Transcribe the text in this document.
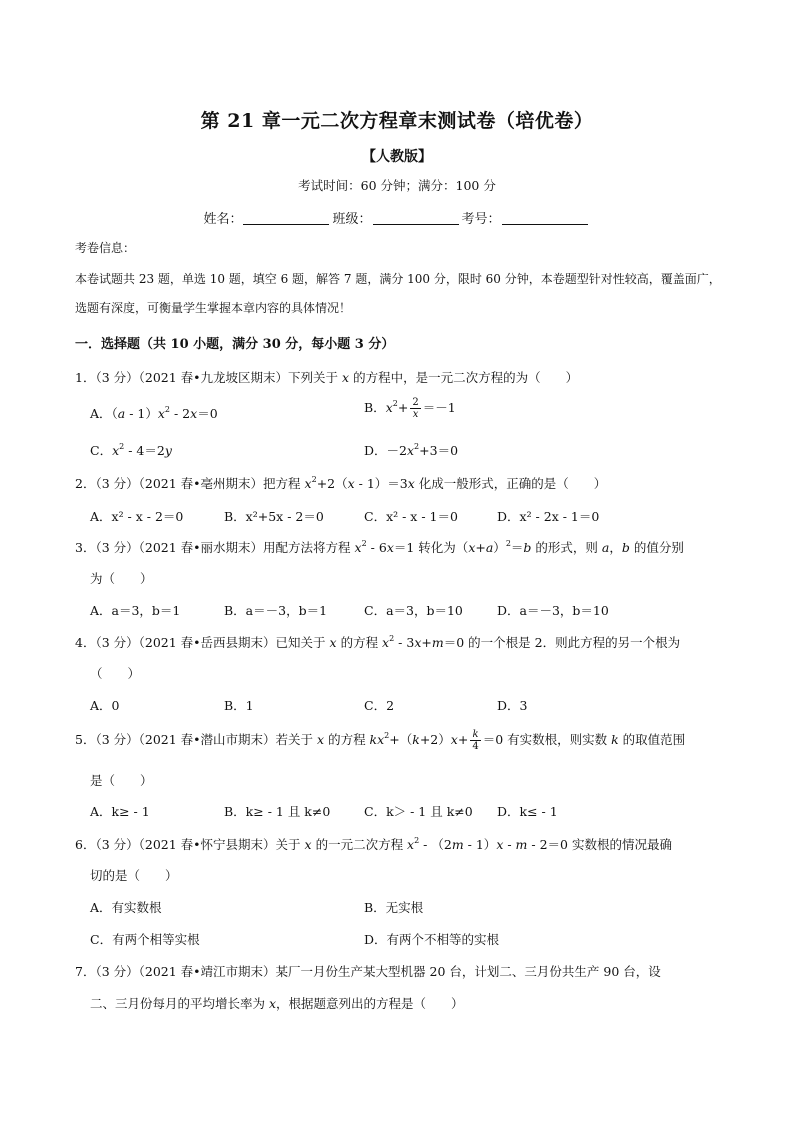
第 21 章一元二次方程章末测试卷（培优卷）
【人教版】
考试时间：60 分钟；满分：100 分
姓名：	班级：	考号：
考卷信息：
本卷试题共 23 题，单选 10 题，填空 6 题，解答 7 题，满分 100 分，限时 60 分钟，本卷题型针对性较高，覆盖面广，选题有深度，可衡量学生掌握本章内容的具体情况！
一．选择题（共 10 小题，满分 30 分，每小题 3 分）
1．（3 分）（2021 春•九龙坡区期末）下列关于 x 的方程中，是一元二次方程的为（　　）
A．$(a - 1)x^2 - 2x=0$	B．$x^2+ \frac{2}{x} =-1$
C．$x^2 - 4=2y$	D．$-2x^2+3=0$
2．（3 分）（2021 春•亳州期末）把方程 $x^2+2(x - 1)=3x$ 化成一般形式，正确的是（　　）
A．x² - x - 2＝0	B．x²+5x - 2＝0	C．x² - x - 1＝0	D．x² - 2x - 1＝0
3．（3 分）（2021 春•丽水期末）用配方法将方程 $x^2 - 6x=1$ 转化为$(x+a)^2=b$ 的形式，则 a，b 的值分别
为（　　）
A．a＝3，b＝1	B．a＝－3，b＝1	C．a＝3，b＝10	D．a＝－3，b＝10
4．（3 分）（2021 春•岳西县期末）已知关于 x 的方程 $x^2 - 3x+m=0$ 的一个根是 2．则此方程的另一个根为
（　　）
A．0	B．1	C．2	D．3
5．（3 分）（2021 春•潜山市期末）若关于 x 的方程 $kx^2+(k+2)x+ \frac{k}{4} =0$ 有实数根，则实数 k 的取值范围
是（　　）
A．k≥ - 1	B．k≥ - 1 且 k≠0	C．k＞ - 1 且 k≠0 D．k≤ - 1
6．（3 分）（2021 春•怀宁县期末）关于 x 的一元二次方程 $x^2 - (2m - 1)x - m - 2=0$ 实数根的情况最确
切的是（　　）
A．有实数根	B．无实根
C．有两个相等实根	D．有两个不相等的实根
7．（3 分）（2021 春•靖江市期末）某厂一月份生产某大型机器 20 台，计划二、三月份共生产 90 台，设
二、三月份每月的平均增长率为 x，根据题意列出的方程是（　　）
